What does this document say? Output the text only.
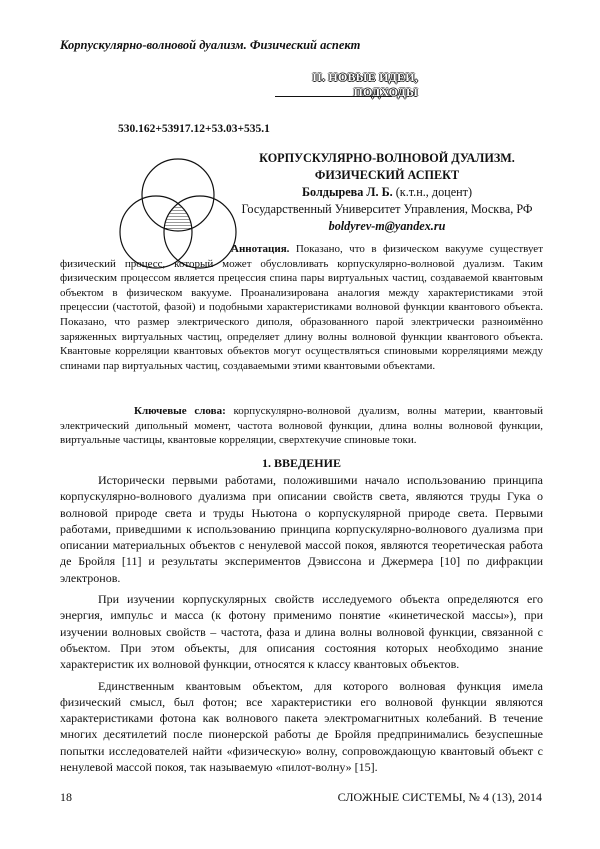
Корпускулярно-волновой дуализм. Физический аспект
II. НОВЫЕ ИДЕИ, ПОДХОДЫ
530.162+53917.12+53.03+535.1
КОРПУСКУЛЯРНО-ВОЛНОВОЙ ДУАЛИЗМ.
ФИЗИЧЕСКИЙ АСПЕКТ
Болдырева Л. Б. (к.т.н., доцент)
Государственный Университет Управления, Москва, РФ
boldyrev-m@yandex.ru

Аннотация. Показано, что в физическом вакууме существует физический процесс, который может обусловливать корпускулярно-волновой дуализм. Таким физическим процессом является прецессия спина пары виртуальных частиц, создаваемой квантовым объектом в физическом вакууме. Проанализирована аналогия между характеристиками этой прецессии (частотой, фазой) и подобными характеристиками волновой функции квантового объекта. Показано, что размер электрического диполя, образованного парой электрически разноимённо заряженных виртуальных частиц, определяет длину волны волновой функции квантового объекта. Квантовые корреляции квантовых объектов могут осуществляться спиновыми корреляциями между спинами пар виртуальных частиц, создаваемыми этими квантовыми объектами.

Ключевые слова: корпускулярно-волновой дуализм, волны материи, квантовый электрический дипольный момент, частота волновой функции, длина волны волновой функции, виртуальные частицы, квантовые корреляции, сверхтекучие спиновые токи.

1. ВВЕДЕНИЕ

Исторически первыми работами, положившими начало использованию принципа корпускулярно-волнового дуализма при описании свойств света, являются труды Гука о волновой природе света и труды Ньютона о корпускулярной природе света. Первыми работами, приведшими к использованию принципа корпускулярно-волнового дуализма при описании материальных объектов с ненулевой массой покоя, являются теоретическая работа де Бройля [11] и результаты экспериментов Дэвиссона и Джермера [10] по дифракции электронов.

При изучении корпускулярных свойств исследуемого объекта определяются его энергия, импульс и масса (к фотону применимо понятие «кинетической массы»), при изучении волновых свойств – частота, фаза и длина волны волновой функции, связанной с объектом. При этом объекты, для описания состояния которых необходимо знание характеристик их волновой функции, относятся к классу квантовых объектов.

Единственным квантовым объектом, для которого волновая функция имела физический смысл, был фотон; все характеристики его волновой функции являются характеристиками фотона как волнового пакета электромагнитных колебаний. В течение многих десятилетий после пионерской работы де Бройля предпринимались безуспешные попытки исследователей найти «физическую» волну, сопровождающую квантовый объект с ненулевой массой покоя, так называемую «пилот-волну» [15].

18	СЛОЖНЫЕ СИСТЕМЫ, № 4 (13), 2014
